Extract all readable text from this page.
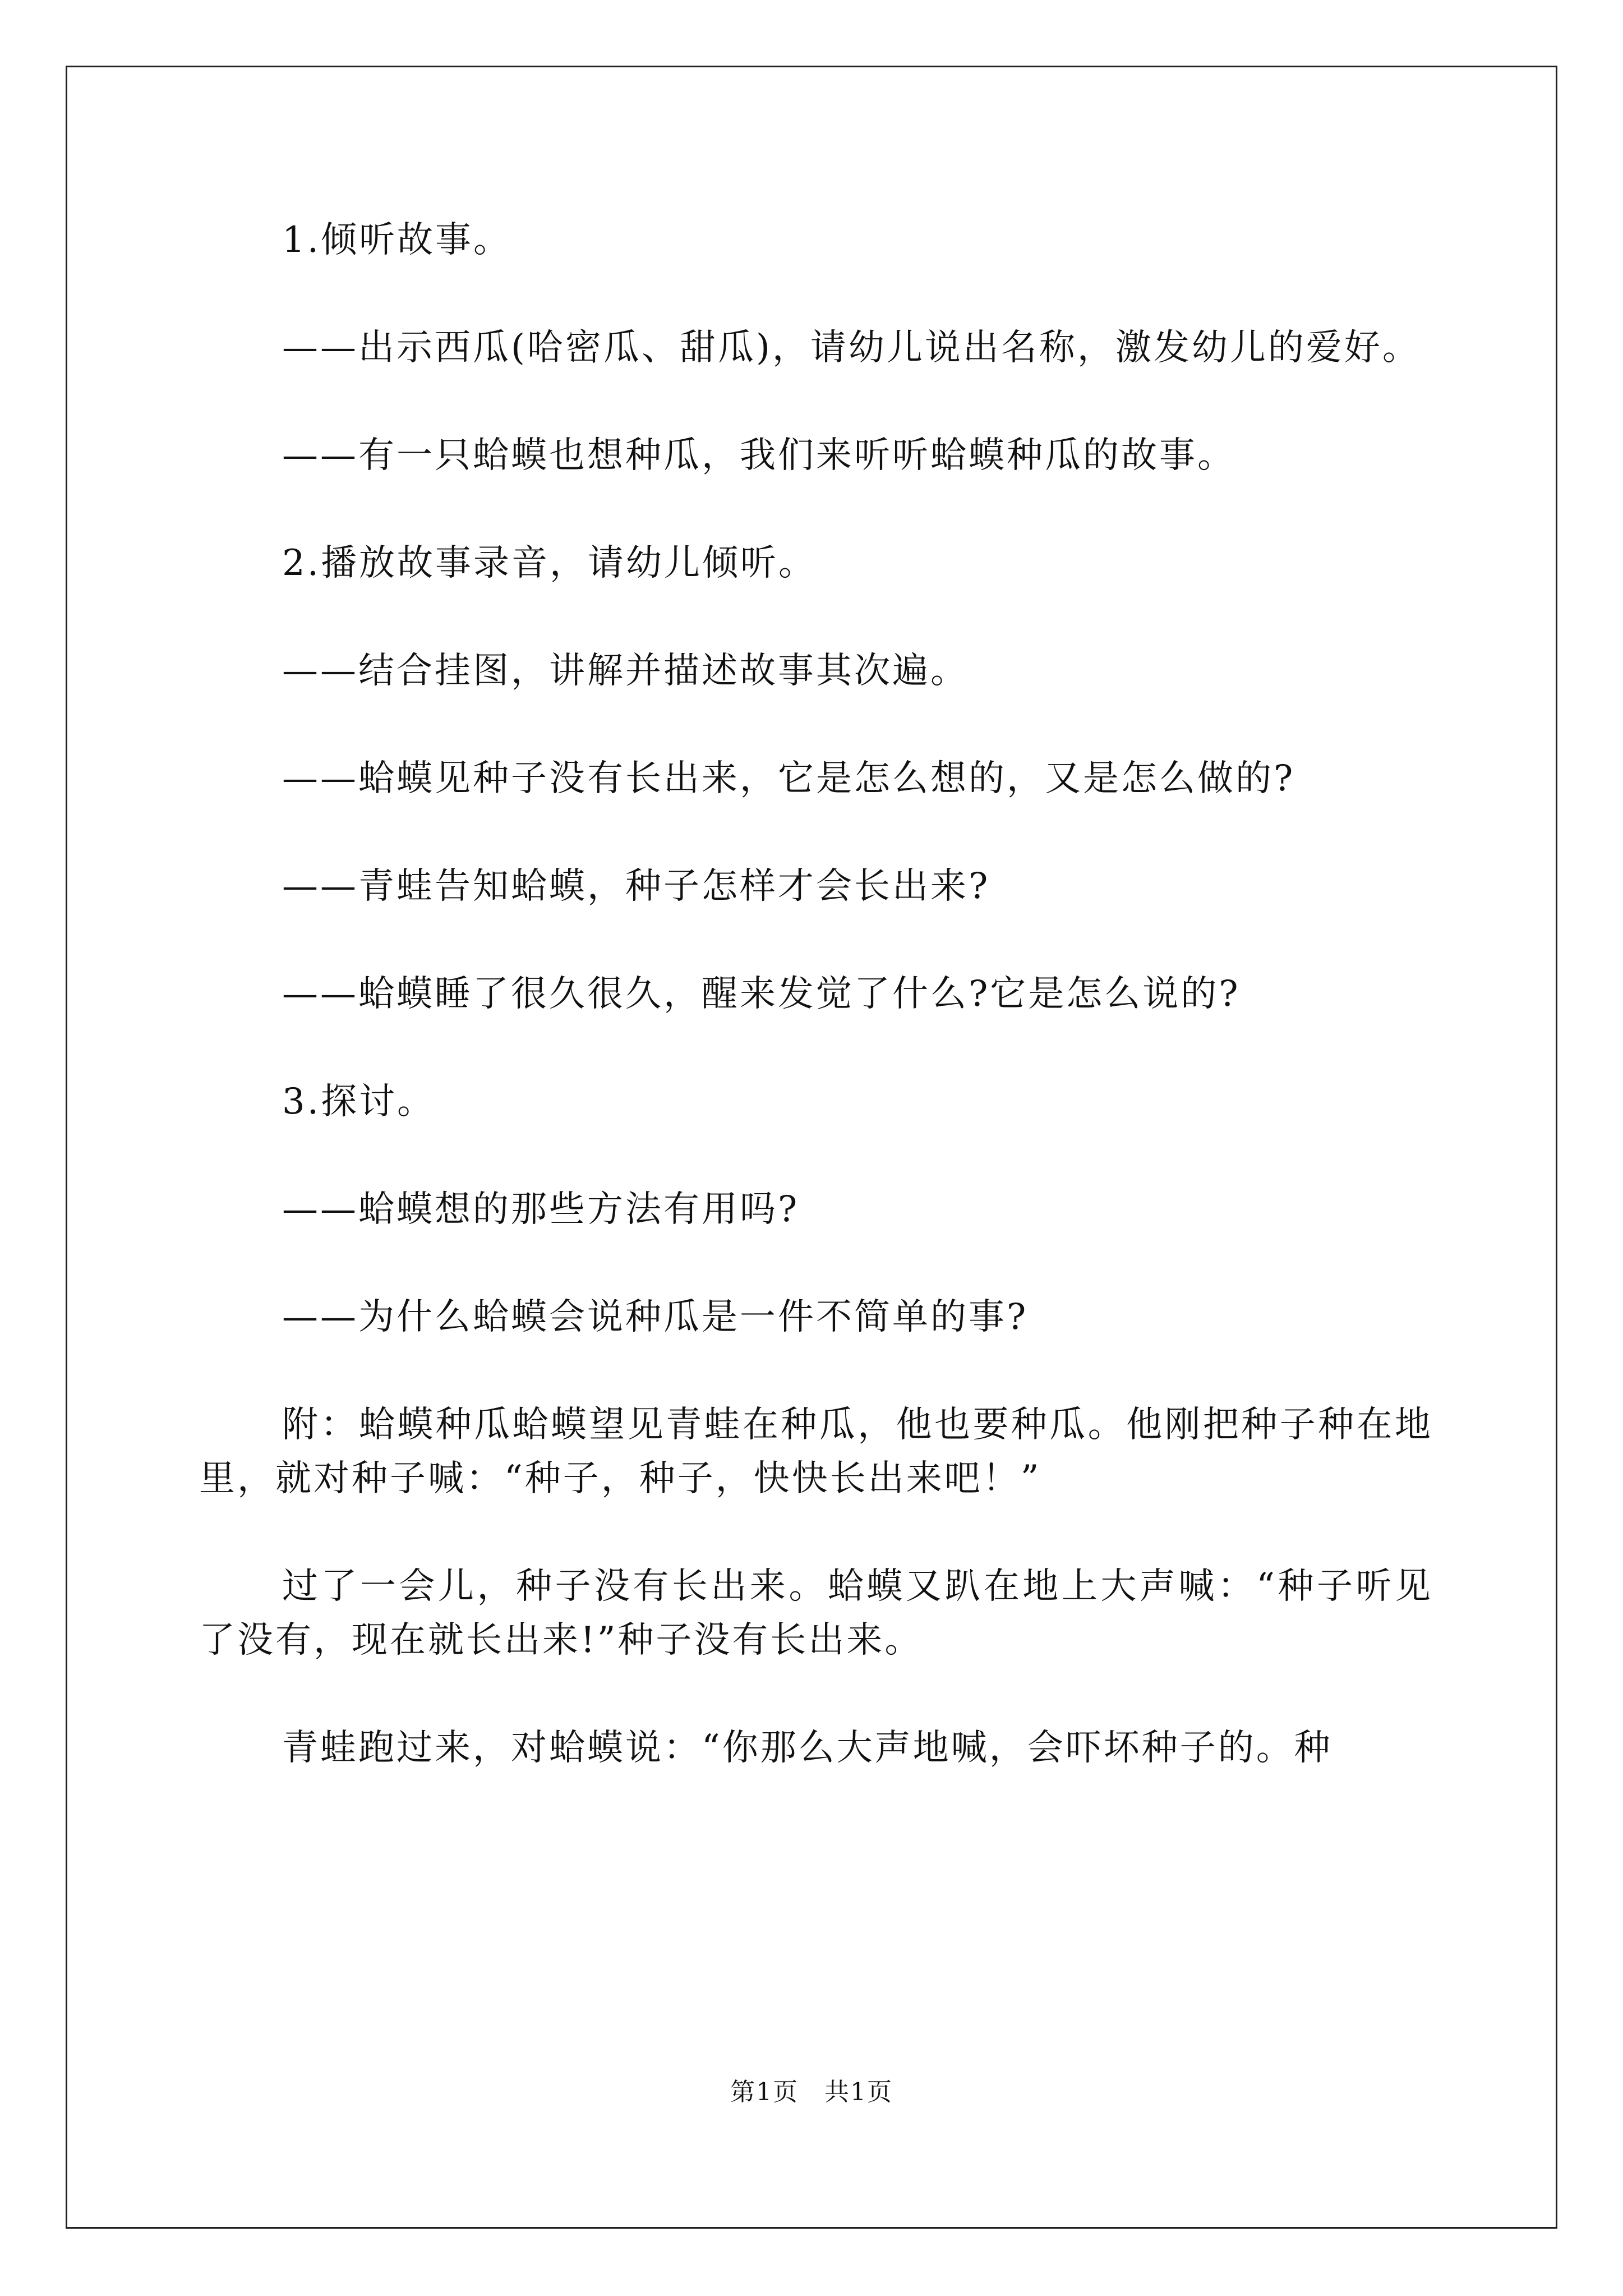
1.倾听故事。

——出示西瓜(哈密瓜、甜瓜)，请幼儿说出名称，激发幼儿的爱好。

——有一只蛤蟆也想种瓜，我们来听听蛤蟆种瓜的故事。

2.播放故事录音，请幼儿倾听。

——结合挂图，讲解并描述故事其次遍。

——蛤蟆见种子没有长出来，它是怎么想的，又是怎么做的?

——青蛙告知蛤蟆，种子怎样才会长出来?

——蛤蟆睡了很久很久，醒来发觉了什么?它是怎么说的?

3.探讨。

——蛤蟆想的那些方法有用吗?

——为什么蛤蟆会说种瓜是一件不简单的事?

附：蛤蟆种瓜蛤蟆望见青蛙在种瓜，他也要种瓜。他刚把种子种在地里，就对种子喊：“种子，种子，快快长出来吧！”

过了一会儿，种子没有长出来。蛤蟆又趴在地上大声喊：“种子听见了没有，现在就长出来!”种子没有长出来。

青蛙跑过来，对蛤蟆说：“你那么大声地喊，会吓坏种子的。种

第1页　共1页
